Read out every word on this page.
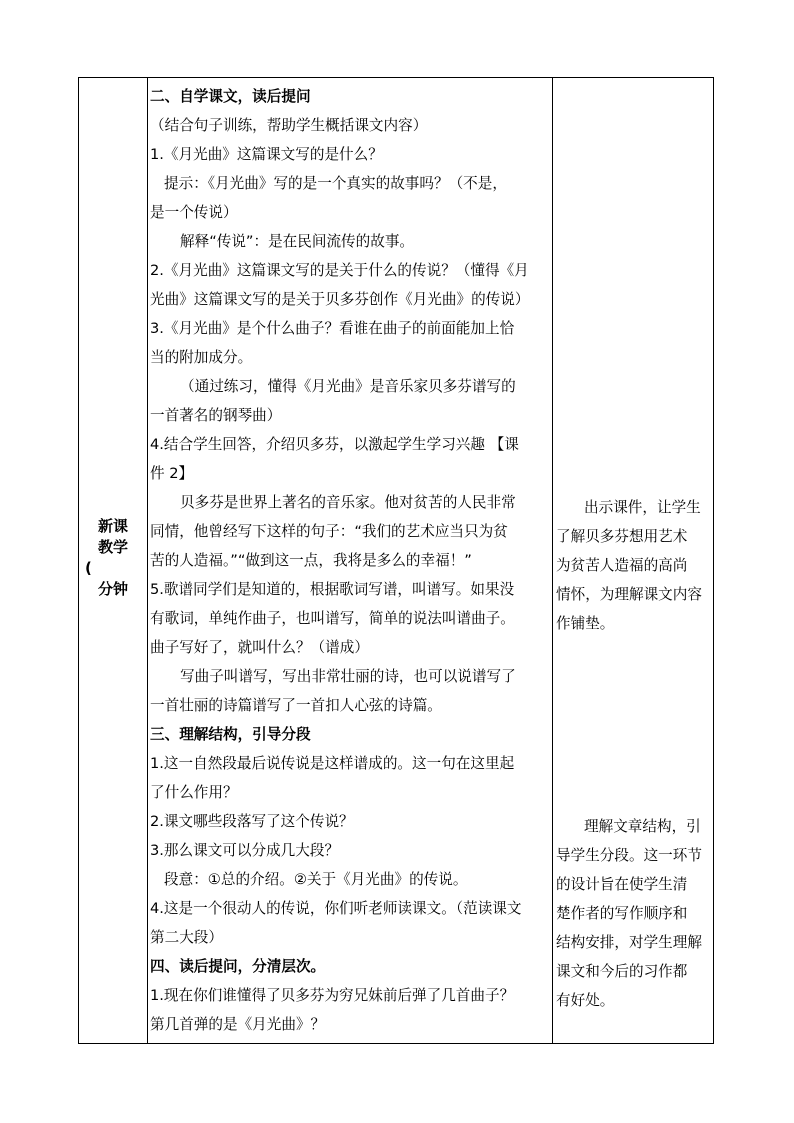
新课
教学
(
分钟
二、自学课文，读后提问
（结合句子训练，帮助学生概括课文内容）
1.《月光曲》这篇课文写的是什么？
提示：《月光曲》写的是一个真实的故事吗？（不是，
是一个传说）
解释“传说”：是在民间流传的故事。
2.《月光曲》这篇课文写的是关于什么的传说？（懂得《月
光曲》这篇课文写的是关于贝多芬创作《月光曲》的传说）
3.《月光曲》是个什么曲子？看谁在曲子的前面能加上恰
当的附加成分。
（通过练习，懂得《月光曲》是音乐家贝多芬谱写的
一首著名的钢琴曲）
4.结合学生回答，介绍贝多芬，以激起学生学习兴趣 【课
件 2】
贝多芬是世界上著名的音乐家。他对贫苦的人民非常
同情，他曾经写下这样的句子：“我们的艺术应当只为贫
苦的人造福。”“做到这一点，我将是多么的幸福！”
5.歌谱同学们是知道的，根据歌词写谱，叫谱写。如果没
有歌词，单纯作曲子，也叫谱写，简单的说法叫谱曲子。
曲子写好了，就叫什么？（谱成）
写曲子叫谱写，写出非常壮丽的诗，也可以说谱写了
一首壮丽的诗篇谱写了一首扣人心弦的诗篇。
三、理解结构，引导分段
1.这一自然段最后说传说是这样谱成的。这一句在这里起
了什么作用？
2.课文哪些段落写了这个传说？
3.那么课文可以分成几大段？
段意：①总的介绍。②关于《月光曲》的传说。
4.这是一个很动人的传说，你们听老师读课文。（范读课文
第二大段）
四、读后提问，分清层次。
1.现在你们谁懂得了贝多芬为穷兄妹前后弹了几首曲子？
第几首弹的是《月光曲》？
出示课件，让学生
了解贝多芬想用艺术
为贫苦人造福的高尚
情怀，为理解课文内容
作铺垫。
理解文章结构，引
导学生分段。这一环节
的设计旨在使学生清
楚作者的写作顺序和
结构安排，对学生理解
课文和今后的习作都
有好处。
